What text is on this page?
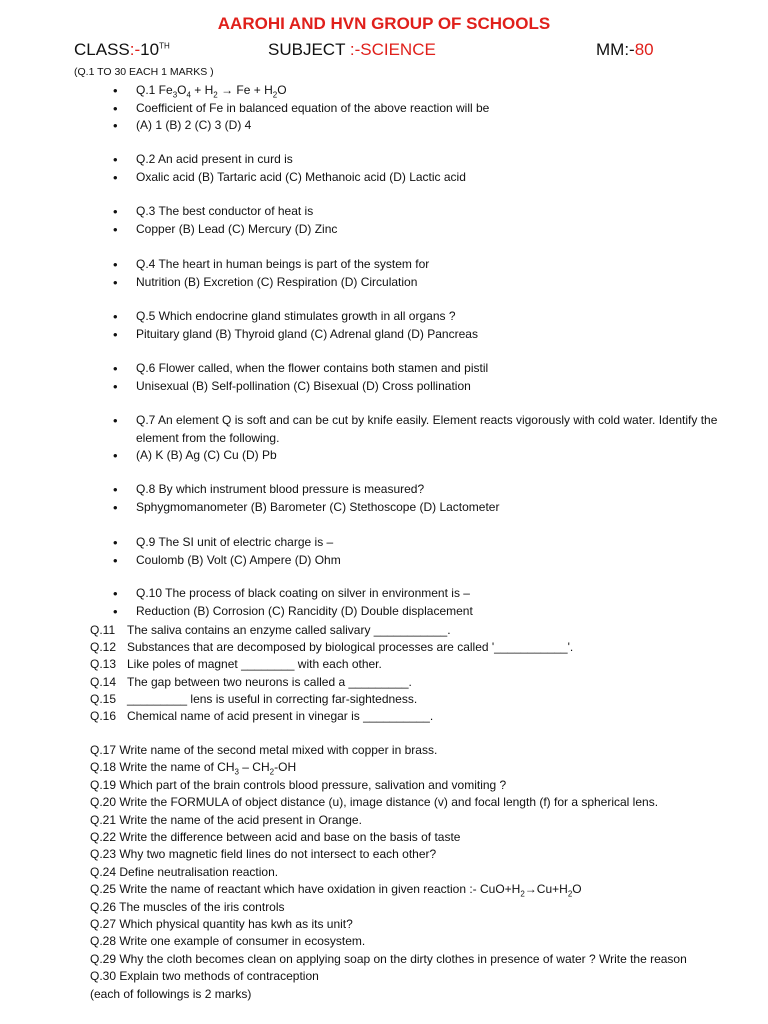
AAROHI AND HVN GROUP OF SCHOOLS
CLASS:-10TH	SUBJECT :-SCIENCE	MM:-80
(Q.1 TO 30 EACH 1 MARKS )
• Q.1 $Fe_3O_4 + H_2 \to Fe + H_2O$
• Coefficient of Fe in balanced equation of the above reaction will be
• (A) 1 (B) 2 (C) 3 (D) 4
• Q.2 An acid present in curd is
• Oxalic acid (B) Tartaric acid (C) Methanoic acid (D) Lactic acid
• Q.3 The best conductor of heat is
• Copper (B) Lead (C) Mercury (D) Zinc
• Q.4 The heart in human beings is part of the system for
• Nutrition (B) Excretion (C) Respiration (D) Circulation
• Q.5 Which endocrine gland stimulates growth in all organs ?
• Pituitary gland (B) Thyroid gland (C) Adrenal gland (D) Pancreas
• Q.6 Flower called, when the flower contains both stamen and pistil
• Unisexual (B) Self-pollination (C) Bisexual (D) Cross pollination
• Q.7 An element Q is soft and can be cut by knife easily. Element reacts vigorously with cold water. Identify the element from the following.
• (A) K (B) Ag (C) Cu (D) Pb
• Q.8 By which instrument blood pressure is measured?
• Sphygmomanometer (B) Barometer (C) Stethoscope (D) Lactometer
• Q.9 The SI unit of electric charge is –
• Coulomb (B) Volt (C) Ampere (D) Ohm
• Q.10 The process of black coating on silver in environment is –
• Reduction (B) Corrosion (C) Rancidity (D) Double displacement
Q.11 The saliva contains an enzyme called salivary ___________.
Q.12 Substances that are decomposed by biological processes are called '___________'.
Q.13 Like poles of magnet ________ with each other.
Q.14 The gap between two neurons is called a _________.
Q.15 _________ lens is useful in correcting far-sightedness.
Q.16 Chemical name of acid present in vinegar is __________.
Q.17 Write name of the second metal mixed with copper in brass.
Q.18 Write the name of $CH_3 - CH_2-OH$
Q.19 Which part of the brain controls blood pressure, salivation and vomiting ?
Q.20 Write the FORMULA of object distance (u), image distance (v) and focal length (f) for a spherical lens.
Q.21 Write the name of the acid present in Orange.
Q.22 Write the difference between acid and base on the basis of taste
Q.23 Why two magnetic field lines do not intersect to each other?
Q.24 Define neutralisation reaction.
Q.25 Write the name of reactant which have oxidation in given reaction :- $CuO+H_2\to Cu+H_2O$
Q.26 The muscles of the iris controls
Q.27 Which physical quantity has kwh as its unit?
Q.28 Write one example of consumer in ecosystem.
Q.29 Why the cloth becomes clean on applying soap on the dirty clothes in presence of water ? Write the reason
Q.30 Explain two methods of contraception
(each of followings is 2 marks)
